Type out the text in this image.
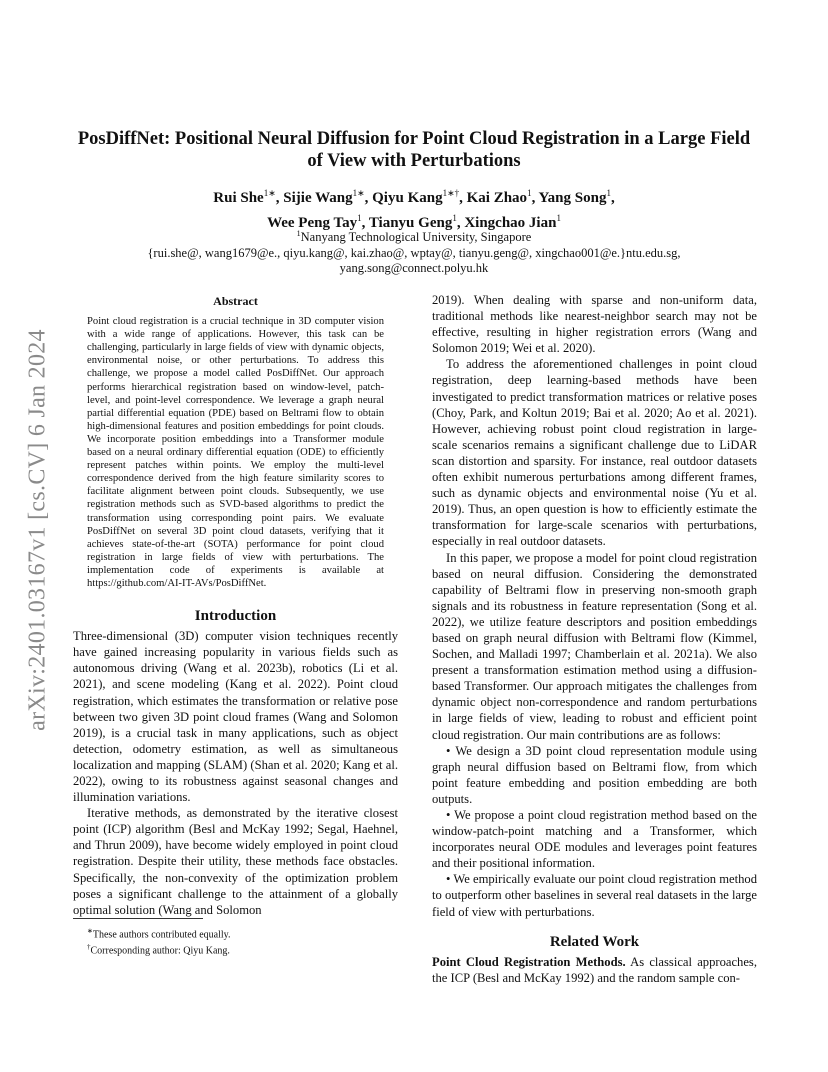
arXiv:2401.03167v1 [cs.CV] 6 Jan 2024
PosDiffNet: Positional Neural Diffusion for Point Cloud Registration in a Large Field of View with Perturbations
Rui She$^{1∗}$, Sijie Wang$^{1∗}$, Qiyu Kang$^{1∗\dagger}$, Kai Zhao$^1$, Yang Song$^1$,
Wee Peng Tay$^1$, Tianyu Geng$^1$, Xingchao Jian$^1$
$^1$Nanyang Technological University, Singapore
{rui.she@, wang1679@e., qiyu.kang@, kai.zhao@, wptay@, tianyu.geng@, xingchao001@e.}ntu.edu.sg, yang.song@connect.polyu.hk
Abstract
Point cloud registration is a crucial technique in 3D computer vision with a wide range of applications. However, this task can be challenging, particularly in large fields of view with dynamic objects, environmental noise, or other perturbations. To address this challenge, we propose a model called PosDiffNet. Our approach performs hierarchical registration based on window-level, patch-level, and point-level correspondence. We leverage a graph neural partial differential equation (PDE) based on Beltrami flow to obtain high-dimensional features and position embeddings for point clouds. We incorporate position embeddings into a Transformer module based on a neural ordinary differential equation (ODE) to efficiently represent patches within points. We employ the multi-level correspondence derived from the high feature similarity scores to facilitate alignment between point clouds. Subsequently, we use registration methods such as SVD-based algorithms to predict the transformation using corresponding point pairs. We evaluate PosDiffNet on several 3D point cloud datasets, verifying that it achieves state-of-the-art (SOTA) performance for point cloud registration in large fields of view with perturbations. The implementation code of experiments is available at https://github.com/AI-IT-AVs/PosDiffNet.
Introduction

Three-dimensional (3D) computer vision techniques recently have gained increasing popularity in various fields such as autonomous driving (Wang et al. 2023b), robotics (Li et al. 2021), and scene modeling (Kang et al. 2022). Point cloud registration, which estimates the transformation or relative pose between two given 3D point cloud frames (Wang and Solomon 2019), is a crucial task in many applications, such as object detection, odometry estimation, as well as simultaneous localization and mapping (SLAM) (Shan et al. 2020; Kang et al. 2022), owing to its robustness against seasonal changes and illumination variations.

Iterative methods, as demonstrated by the iterative closest point (ICP) algorithm (Besl and McKay 1992; Segal, Haehnel, and Thrun 2009), have become widely employed in point cloud registration. Despite their utility, these methods face obstacles. Specifically, the non-convexity of the optimization problem poses a significant challenge to the attainment of a globally optimal solution (Wang and Solomon

∗These authors contributed equally.
†Corresponding author: Qiyu Kang.

2019). When dealing with sparse and non-uniform data, traditional methods like nearest-neighbor search may not be effective, resulting in higher registration errors (Wang and Solomon 2019; Wei et al. 2020).

To address the aforementioned challenges in point cloud registration, deep learning-based methods have been investigated to predict transformation matrices or relative poses (Choy, Park, and Koltun 2019; Bai et al. 2020; Ao et al. 2021). However, achieving robust point cloud registration in large-scale scenarios remains a significant challenge due to LiDAR scan distortion and sparsity. For instance, real outdoor datasets often exhibit numerous perturbations among different frames, such as dynamic objects and environmental noise (Yu et al. 2019). Thus, an open question is how to efficiently estimate the transformation for large-scale scenarios with perturbations, especially in real outdoor datasets.

In this paper, we propose a model for point cloud registration based on neural diffusion. Considering the demonstrated capability of Beltrami flow in preserving non-smooth graph signals and its robustness in feature representation (Song et al. 2022), we utilize feature descriptors and position embeddings based on graph neural diffusion with Beltrami flow (Kimmel, Sochen, and Malladi 1997; Chamberlain et al. 2021a). We also present a transformation estimation method using a diffusion-based Transformer. Our approach mitigates the challenges from dynamic object non-correspondence and random perturbations in large fields of view, leading to robust and efficient point cloud registration. Our main contributions are as follows:

• We design a 3D point cloud representation module using graph neural diffusion based on Beltrami flow, from which point feature embedding and position embedding are both outputs.

• We propose a point cloud registration method based on the window-patch-point matching and a Transformer, which incorporates neural ODE modules and leverages point features and their positional information.

• We empirically evaluate our point cloud registration method to outperform other baselines in several real datasets in the large field of view with perturbations.

Related Work

Point Cloud Registration Methods. As classical approaches, the ICP (Besl and McKay 1992) and the random sample con-
